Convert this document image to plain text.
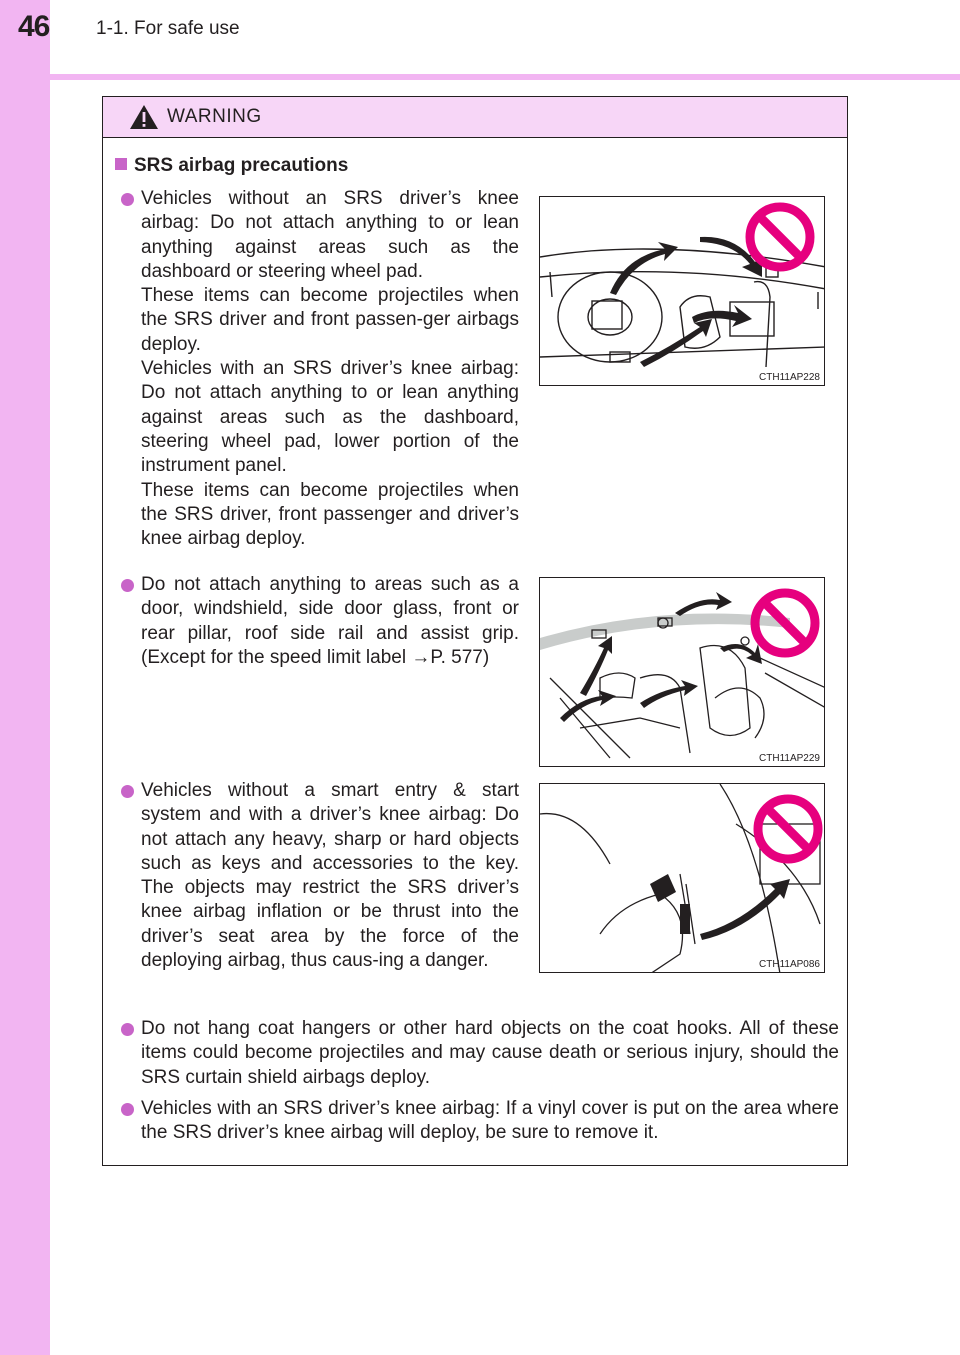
46 1-1. For safe use
WARNING
SRS airbag precautions

Vehicles without an SRS driver’s knee airbag: Do not attach anything to or lean anything against areas such as the dashboard or steering wheel pad.

These items can become projectiles when the SRS driver and front passen-ger airbags deploy.

Vehicles with an SRS driver’s knee airbag: Do not attach anything to or lean anything against areas such as the dashboard, steering wheel pad, lower portion of the instrument panel.

These items can become projectiles when the SRS driver, front passenger and driver’s knee airbag deploy.

CTH11AP228

Do not attach anything to areas such as a door, windshield, side door glass, front or rear pillar, roof side rail and assist grip. (Except for the speed limit label →P. 577)

CTH11AP229

Vehicles without a smart entry & start system and with a driver’s knee airbag: Do not attach any heavy, sharp or hard objects such as keys and accessories to the key. The objects may restrict the SRS driver’s knee airbag inflation or be thrust into the driver’s seat area by the force of the deploying airbag, thus caus-ing a danger.	CTH11AP086

Do not hang coat hangers or other hard objects on the coat hooks. All of these items could become projectiles and may cause death or serious injury, should the SRS curtain shield airbags deploy.

Vehicles with an SRS driver’s knee airbag: If a vinyl cover is put on the area where the SRS driver’s knee airbag will deploy, be sure to remove it.
